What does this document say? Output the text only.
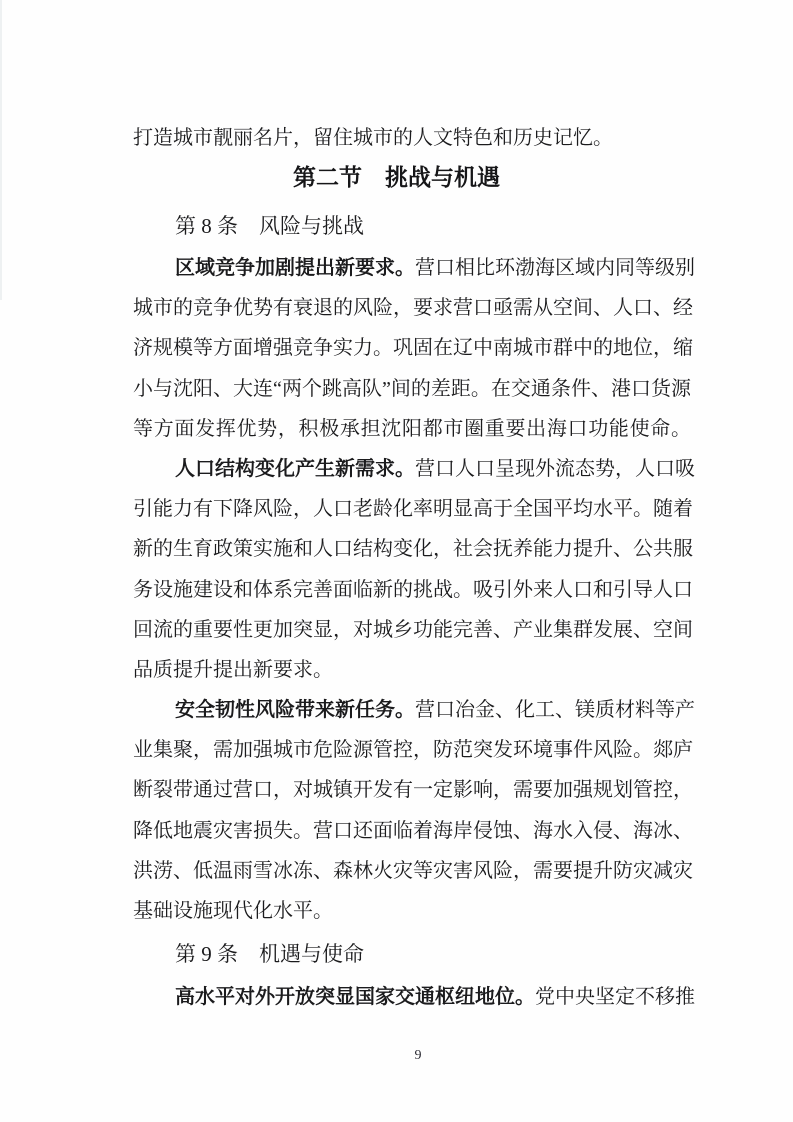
打造城市靓丽名片，留住城市的人文特色和历史记忆。
第二节　挑战与机遇
第 8 条　风险与挑战
区域竞争加剧提出新要求。营口相比环渤海区域内同等级别
城市的竞争优势有衰退的风险，要求营口亟需从空间、人口、经
济规模等方面增强竞争实力。巩固在辽中南城市群中的地位，缩
小与沈阳、大连“两个跳高队”间的差距。在交通条件、港口货源
等方面发挥优势，积极承担沈阳都市圈重要出海口功能使命。
人口结构变化产生新需求。营口人口呈现外流态势，人口吸
引能力有下降风险，人口老龄化率明显高于全国平均水平。随着
新的生育政策实施和人口结构变化，社会抚养能力提升、公共服
务设施建设和体系完善面临新的挑战。吸引外来人口和引导人口
回流的重要性更加突显，对城乡功能完善、产业集群发展、空间
品质提升提出新要求。
安全韧性风险带来新任务。营口冶金、化工、镁质材料等产
业集聚，需加强城市危险源管控，防范突发环境事件风险。郯庐
断裂带通过营口，对城镇开发有一定影响，需要加强规划管控，
降低地震灾害损失。营口还面临着海岸侵蚀、海水入侵、海冰、
洪涝、低温雨雪冰冻、森林火灾等灾害风险，需要提升防灾减灾
基础设施现代化水平。
第 9 条　机遇与使命
高水平对外开放突显国家交通枢纽地位。党中央坚定不移推
9
